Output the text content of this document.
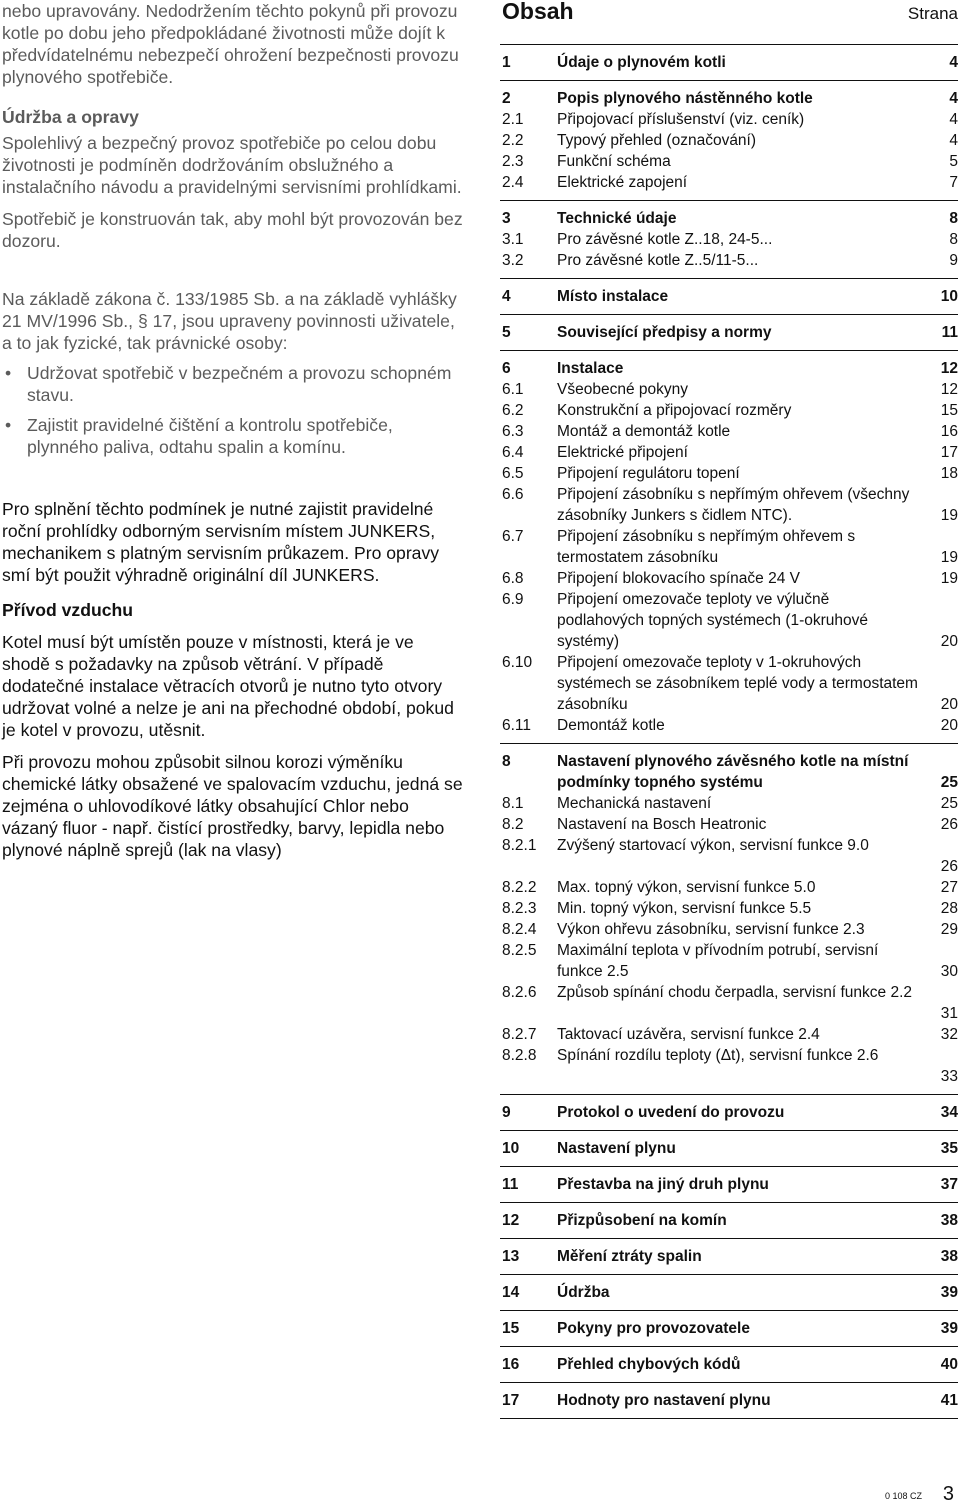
nebo upravovány. Nedodržením těchto pokynů při provozu kotle po dobu jeho předpokládané životnosti může dojít k předvídatelnému nebezpečí ohrožení bezpečnosti provozu plynového spotřebiče.

Údržba a opravy

Spolehlivý a bezpečný provoz spotřebiče po celou dobu životnosti je podmíněn dodržováním obslužného a instalačního návodu a pravidelnými servisními prohlídkami.

Spotřebič je konstruován tak, aby mohl být provozován bez dozoru.

Na základě zákona č. 133/1985 Sb. a na základě vyhlášky 21 MV/1996 Sb., § 17, jsou upraveny povinnosti uživatele, a to jak fyzické, tak právnické osoby:

• Udržovat spotřebič v bezpečném a provozu schopném stavu.
• Zajistit pravidelné čištění a kontrolu spotřebiče, plynného paliva, odtahu spalin a komínu.

Pro splnění těchto podmínek je nutné zajistit pravidelné roční prohlídky odborným servisním místem JUNKERS, mechanikem s platným servisním průkazem. Pro opravy smí být použit výhradně originální díl JUNKERS.

Přívod vzduchu

Kotel musí být umístěn pouze v místnosti, která je ve shodě s požadavky na způsob větrání. V případě dodatečné instalace větracích otvorů je nutno tyto otvory udržovat volné a nelze je ani na přechodné období, pokud je kotel v provozu, utěsnit.

Při provozu mohou způsobit silnou korozi výměníku chemické látky obsažené ve spalovacím vzduchu, jedná se zejména o uhlovodíkové látky obsahující Chlor nebo vázaný fluor - např. čistící prostředky, barvy, lepidla nebo plynové náplně sprejů (lak na vlasy)

Obsah	Strana
1	Údaje o plynovém kotli	4
2	Popis plynového nástěnného kotle	4
2.1 Připojovací příslušenství (viz. ceník)	4
2.2 Typový přehled (označování)	4
2.3 Funkční schéma	5
2.4 Elektrické zapojení	7
3	Technické údaje	8
3.1 Pro závěsné kotle Z..18, 24-5...	8
3.2 Pro závěsné kotle Z..5/11-5...	9
4	Místo instalace	10
5	Související předpisy a normy	11
6	Instalace	12
6.1 Všeobecné pokyny	12
6.2 Konstrukční a připojovací rozměry	15
6.3 Montáž a demontáž kotle	16
6.4 Elektrické připojení	17
6.5 Připojení regulátoru topení	18
6.6 Připojení zásobníku s nepřímým ohřevem (všechny zásobníky Junkers s čidlem NTC).	19
6.7 Připojení zásobníku s nepřímým ohřevem s termostatem zásobníku	19
6.8 Připojení blokovacího spínače 24 V	19
6.9 Připojení omezovače teploty ve výlučně podlahových topných systémech (1-okruhové systémy)	20
6.10 Připojení omezovače teploty v 1-okruhových systémech se zásobníkem teplé vody a termostatem zásobníku	20
6.11 Demontáž kotle	20
8	Nastavení plynového závěsného kotle na místní podmínky topného systému	25
8.1 Mechanická nastavení	25
8.2 Nastavení na Bosch Heatronic	26
8.2.1 Zvýšený startovací výkon, servisní funkce 9.0
26
8.2.2 Max. topný výkon, servisní funkce 5.0	27
8.2.3 Min. topný výkon, servisní funkce 5.5	28
8.2.4 Výkon ohřevu zásobníku, servisní funkce 2.3	29
8.2.5 Maximální teplota v přívodním potrubí, servisní funkce 2.5	30
8.2.6 Způsob spínání chodu čerpadla, servisní funkce 2.2
31
8.2.7 Taktovací uzávěra, servisní funkce 2.4	32
8.2.8 Spínání rozdílu teploty (Δt), servisní funkce 2.6
33
9	Protokol o uvedení do provozu	34
10 Nastavení plynu	35
11 Přestavba na jiný druh plynu	37
12 Přizpůsobení na komín	38
13 Měření ztráty spalin	38
14 Údržba	39
15 Pokyny pro provozovatele	39
16 Přehled chybových kódů	40
17 Hodnoty pro nastavení plynu	41
0 108 CZ 3
